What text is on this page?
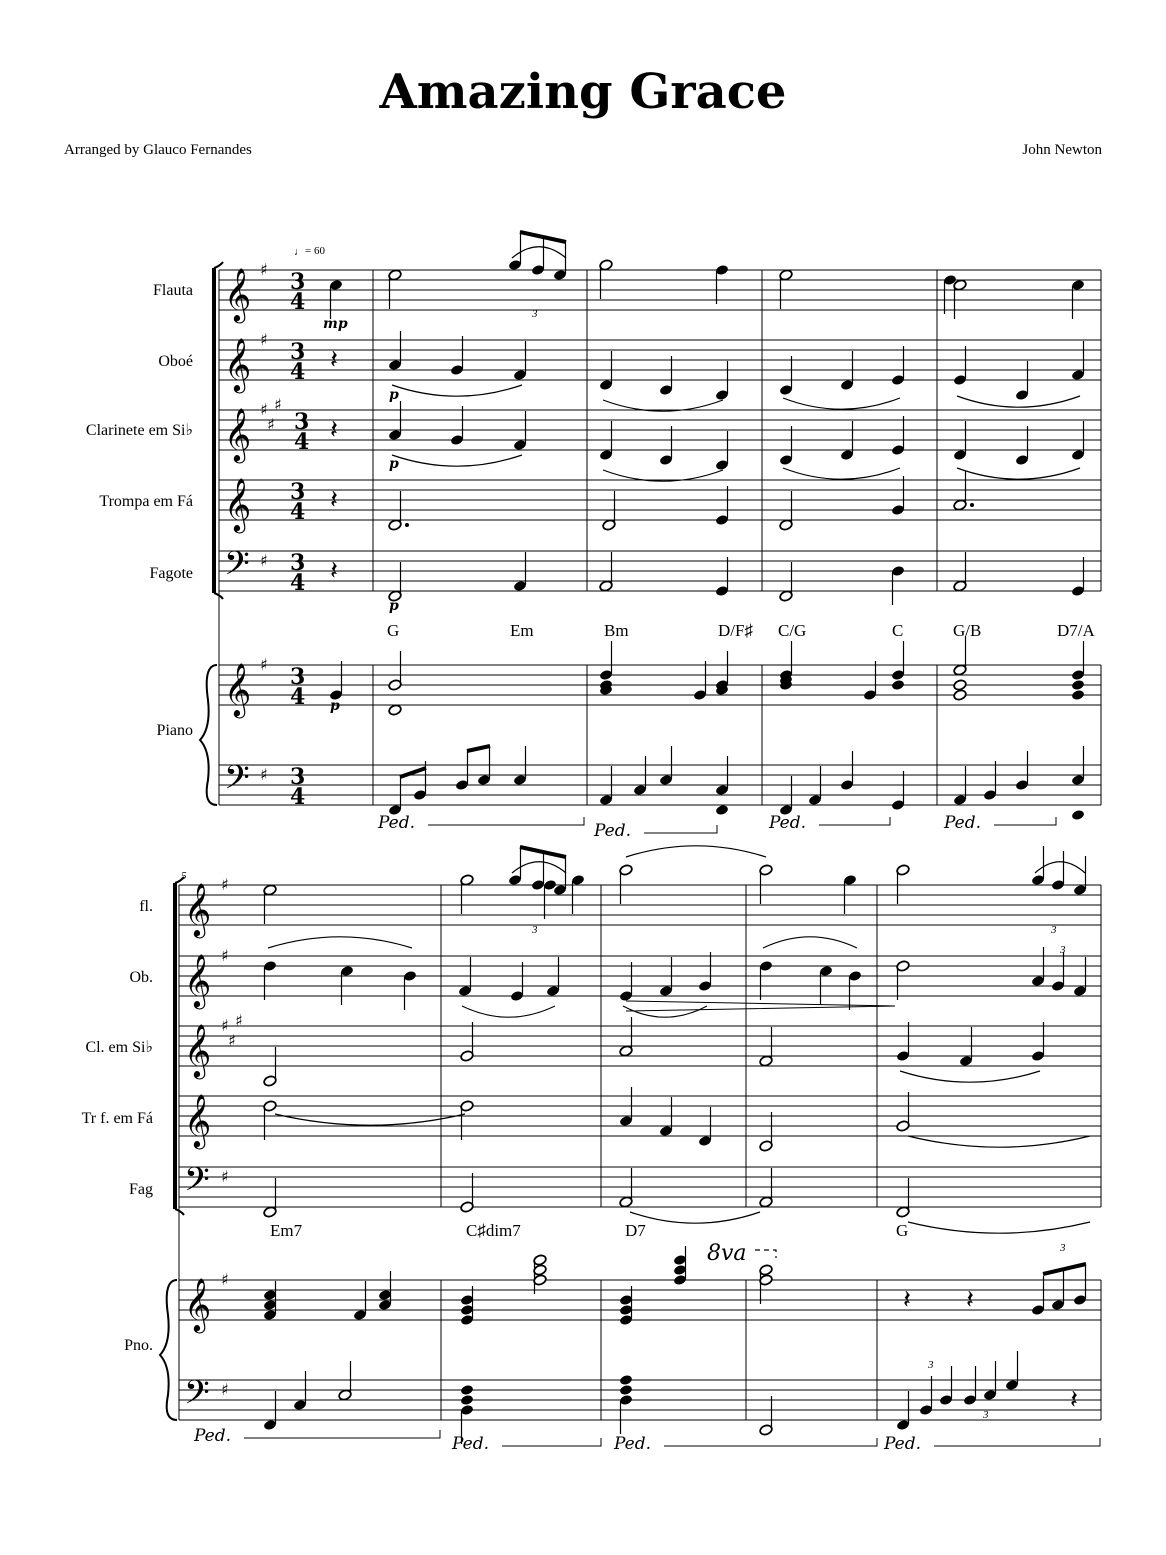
Amazing Grace
Arranged by Glauco Fernandes	John Newton
♩ = 60
𝄞 ♯ 3
4
𝄞 ♯ 3
4
𝄞 ♯
♯
♯
3
4
𝄞 3
4
𝄢 ♯ 3
4
𝄞 ♯ 3
4
𝄢 ♯ 3
4
𝄽
𝄽
𝄽
𝄽
𝄞 ♯
𝄞 ♯
𝄞 ♯
♯
♯
𝄞
𝄢 ♯
𝄞 ♯
𝄢 ♯
𝄽 𝄽
𝄽
Flauta
Oboé
Clarinete em Si♭
Trompa em Fá
Fagote
Piano
fl.
Ob.
Cl. em Si♭
Tr f. em Fá
Fag
Pno.
G	Em	Bm	D/F♯ C/G	C	G/B	D7/A
Em7	C♯dim7	D7	G
5
8va
mp
p
p
p
p
Ped.	Ped.	Ped.	Ped.
Ped.	Ped.	Ped.	Ped.
3
3	3
3
3
3
3
